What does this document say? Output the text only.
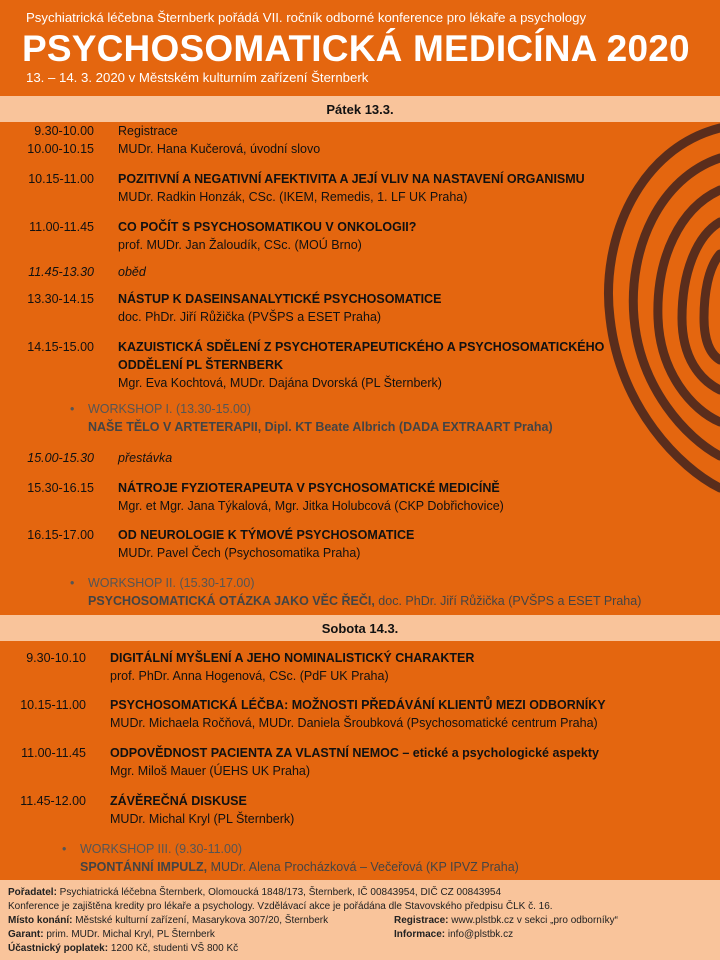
Psychiatrická léčebna Šternberk pořádá VII. ročník odborné konference pro lékaře a psychology
PSYCHOSOMATICKÁ MEDICÍNA 2020
13. – 14. 3. 2020 v Městském kulturním zařízení Šternberk
Pátek 13.3.
9.30-10.00 Registrace
10.00-10.15 MUDr. Hana Kučerová, úvodní slovo
10.15-11.00 POZITIVNÍ A NEGATIVNÍ AFEKTIVITA A JEJÍ VLIV NA NASTAVENÍ ORGANISMU
MUDr. Radkin Honzák, CSc. (IKEM, Remedis, 1. LF UK Praha)
11.00-11.45 CO POČÍT S PSYCHOSOMATIKOU V ONKOLOGII?
prof. MUDr. Jan Žaloudík, CSc. (MOÚ Brno)
11.45-13.30 oběd
13.30-14.15 NÁSTUP K DASEINSANALYTICKÉ PSYCHOSOMATICE
doc. PhDr. Jiří Růžička (PVŠPS a ESET Praha)
14.15-15.00 KAZUISTICKÁ SDĚLENÍ Z PSYCHOTERAPEUTICKÉHO A PSYCHOSOMATICKÉHO
ODDĚLENÍ PL ŠTERNBERK
Mgr. Eva Kochtová, MUDr. Dajána Dvorská (PL Šternberk)
• WORKSHOP I. (13.30-15.00)
NAŠE TĚLO V ARTETERAPII, Dipl. KT Beate Albrich (DADA EXTRAART Praha)
15.00-15.30 přestávka
15.30-16.15 NÁTROJE FYZIOTERAPEUTA V PSYCHOSOMATICKÉ MEDICÍNĚ
Mgr. et Mgr. Jana Týkalová, Mgr. Jitka Holubcová (CKP Dobřichovice)
16.15-17.00 OD NEUROLOGIE K TÝMOVÉ PSYCHOSOMATICE
MUDr. Pavel Čech (Psychosomatika Praha)
• WORKSHOP II. (15.30-17.00)
PSYCHOSOMATICKÁ OTÁZKA JAKO VĚC ŘEČI, doc. PhDr. Jiří Růžička (PVŠPS a ESET Praha)
Sobota 14.3.
9.30-10.10 DIGITÁLNÍ MYŠLENÍ A JEHO NOMINALISTICKÝ CHARAKTER
prof. PhDr. Anna Hogenová, CSc. (PdF UK Praha)
10.15-11.00 PSYCHOSOMATICKÁ LÉČBA: MOŽNOSTI PŘEDÁVÁNÍ KLIENTŮ MEZI ODBORNÍKY
MUDr. Michaela Ročňová, MUDr. Daniela Šroubková (Psychosomatické centrum Praha)
11.00-11.45 ODPOVĚDNOST PACIENTA ZA VLASTNÍ NEMOC – etické a psychologické aspekty
Mgr. Miloš Mauer (ÚEHS UK Praha)
11.45-12.00 ZÁVĚREČNÁ DISKUSE
MUDr. Michal Kryl (PL Šternberk)
• WORKSHOP III. (9.30-11.00)
SPONTÁNNÍ IMPULZ, MUDr. Alena Procházková – Večeřová (KP IPVZ Praha)
Pořadatel: Psychiatrická léčebna Šternberk, Olomoucká 1848/173, Šternberk, IČ 00843954, DIČ CZ 00843954
Konference je zajištěna kredity pro lékaře a psychology. Vzdělávací akce je pořádána dle Stavovského předpisu ČLK č. 16.
Místo konání: Městské kulturní zařízení, Masarykova 307/20, Šternberk	Registrace: www.plstbk.cz v sekci „pro odborníky“
Garant: prim. MUDr. Michal Kryl, PL Šternberk	Informace: info@plstbk.cz
Účastnický poplatek: 1200 Kč, studenti VŠ 800 Kč
